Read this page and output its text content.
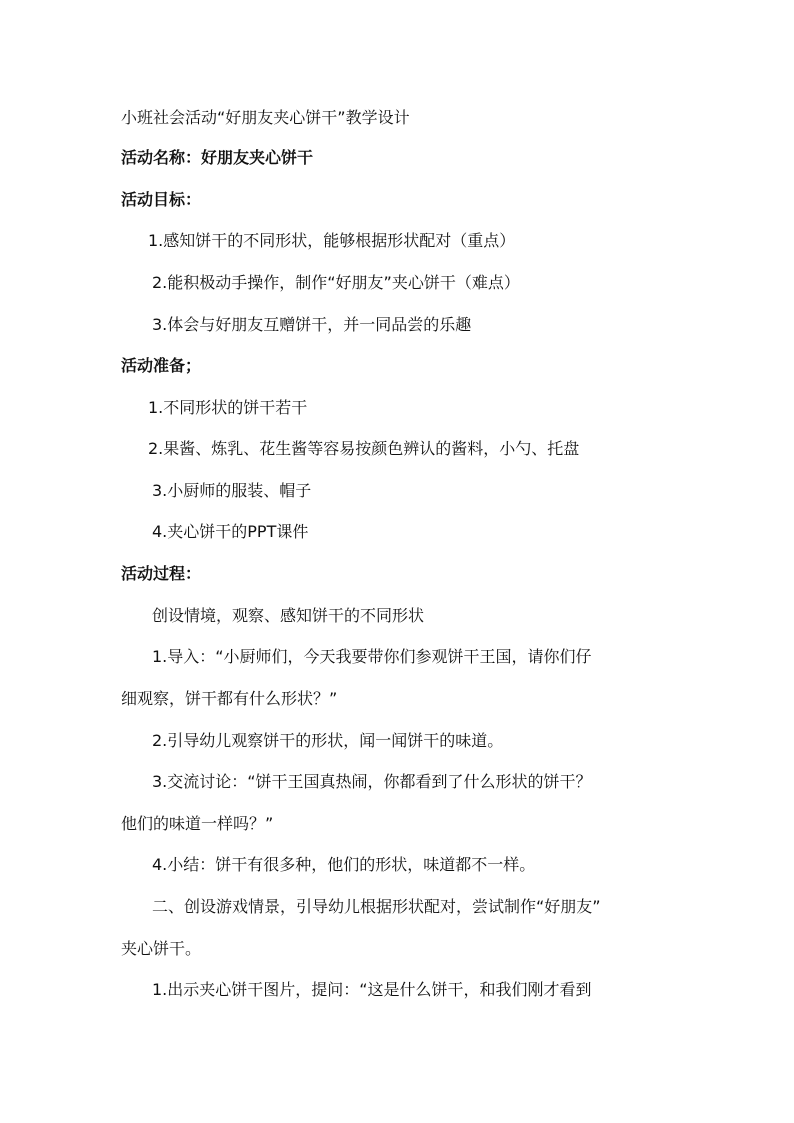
小班社会活动“好朋友夹心饼干”教学设计
活动名称：好朋友夹心饼干
活动目标：
1.感知饼干的不同形状，能够根据形状配对（重点）
2.能积极动手操作，制作“好朋友”夹心饼干（难点）
3.体会与好朋友互赠饼干，并一同品尝的乐趣
活动准备；
1.不同形状的饼干若干
2.果酱、炼乳、花生酱等容易按颜色辨认的酱料，小勺、托盘
3.小厨师的服装、帽子
4.夹心饼干的PPT课件
活动过程：
创设情境，观察、感知饼干的不同形状
1.导入：“小厨师们，今天我要带你们参观饼干王国，请你们仔
细观察，饼干都有什么形状？”
2.引导幼儿观察饼干的形状，闻一闻饼干的味道。
3.交流讨论：“饼干王国真热闹，你都看到了什么形状的饼干？
他们的味道一样吗？”
4.小结：饼干有很多种，他们的形状，味道都不一样。
二、创设游戏情景，引导幼儿根据形状配对，尝试制作“好朋友”
夹心饼干。
1.出示夹心饼干图片，提问：“这是什么饼干，和我们刚才看到
